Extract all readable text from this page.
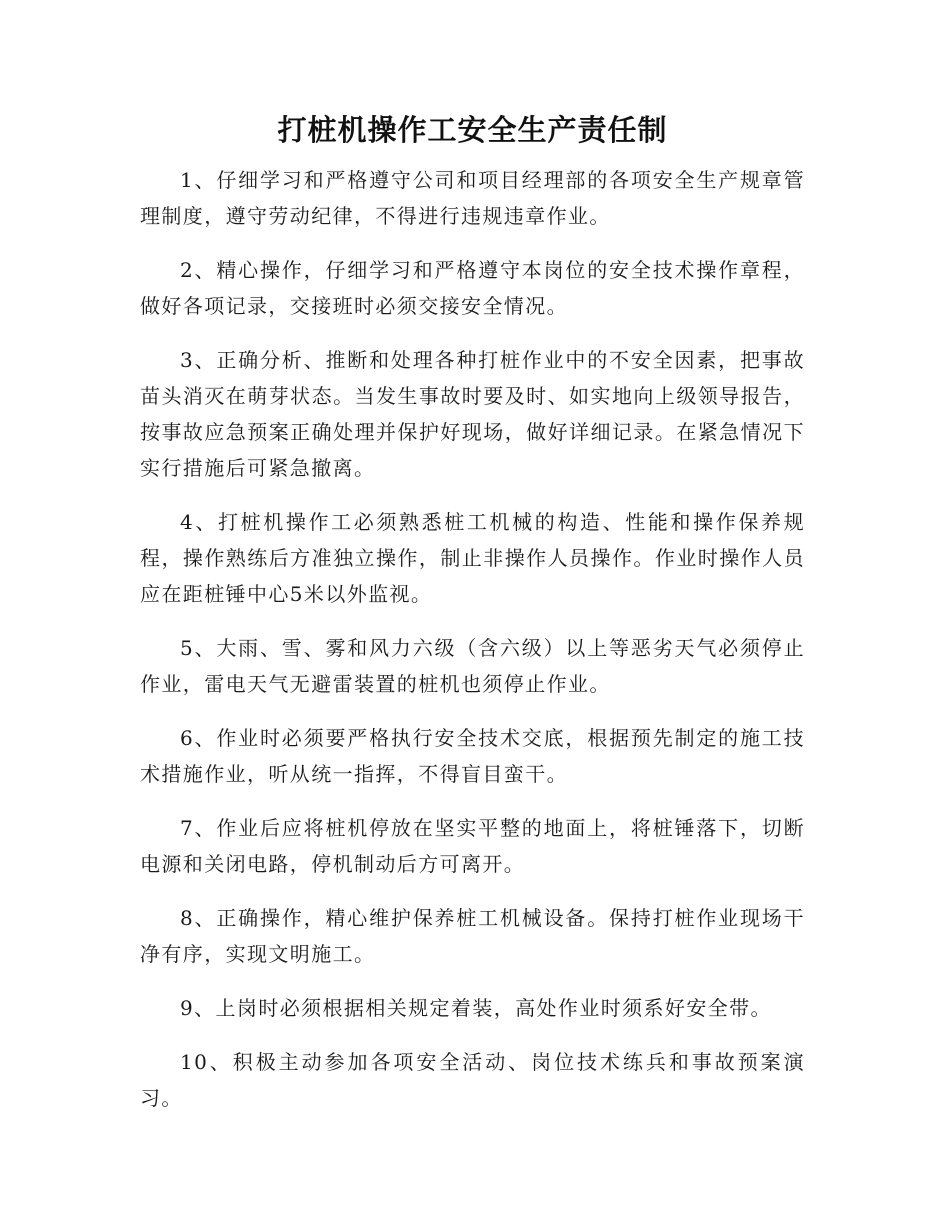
打桩机操作工安全生产责任制

1、仔细学习和严格遵守公司和项目经理部的各项安全生产规章管理制度，遵守劳动纪律，不得进行违规违章作业。

2、精心操作，仔细学习和严格遵守本岗位的安全技术操作章程，做好各项记录，交接班时必须交接安全情况。

3、正确分析、推断和处理各种打桩作业中的不安全因素，把事故苗头消灭在萌芽状态。当发生事故时要及时、如实地向上级领导报告，按事故应急预案正确处理并保护好现场，做好详细记录。在紧急情况下实行措施后可紧急撤离。

4、打桩机操作工必须熟悉桩工机械的构造、性能和操作保养规程，操作熟练后方准独立操作，制止非操作人员操作。作业时操作人员应在距桩锤中心5米以外监视。

5、大雨、雪、雾和风力六级（含六级）以上等恶劣天气必须停止作业，雷电天气无避雷装置的桩机也须停止作业。

6、作业时必须要严格执行安全技术交底，根据预先制定的施工技术措施作业，听从统一指挥，不得盲目蛮干。

7、作业后应将桩机停放在坚实平整的地面上，将桩锤落下，切断电源和关闭电路，停机制动后方可离开。

8、正确操作，精心维护保养桩工机械设备。保持打桩作业现场干净有序，实现文明施工。

9、上岗时必须根据相关规定着装，高处作业时须系好安全带。

10、积极主动参加各项安全活动、岗位技术练兵和事故预案演习。
